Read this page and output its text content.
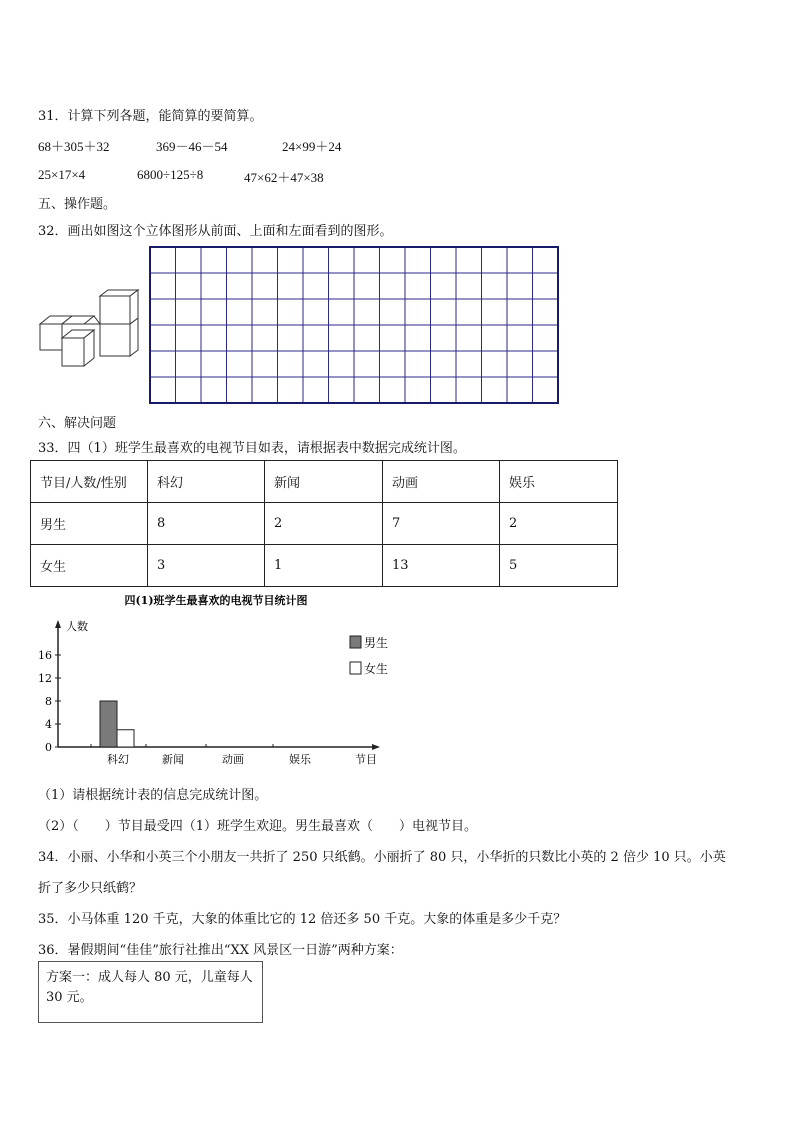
31．计算下列各题，能简算的要简算。
68＋305＋32	369－46－54	24×99＋24
25×17×4	6800÷125÷8	47×62＋47×38
五、操作题。
32．画出如图这个立体图形从前面、上面和左面看到的图形。
六、解决问题
33．四（1）班学生最喜欢的电视节目如表，请根据表中数据完成统计图。
节目/人数/性别	科幻	新闻	动画	娱乐
男生	8	2	7	2
女生	3	1	13	5
四(1)班学生最喜欢的电视节目统计图
人数
节目
0
4
8
12
16
科幻	新闻	动画	娱乐
男生
女生
（1）请根据统计表的信息完成统计图。
（2）（　　）节目最受四（1）班学生欢迎。男生最喜欢（　　）电视节目。
34．小丽、小华和小英三个小朋友一共折了 250 只纸鹤。小丽折了 80 只，小华折的只数比小英的 2 倍少 10 只。小英
折了多少只纸鹤？
35．小马体重 120 千克，大象的体重比它的 12 倍还多 50 千克。大象的体重是多少千克？
36．暑假期间“佳佳”旅行社推出“XX 风景区一日游”两种方案：
方案一：成人每人 80 元，儿童每人 30 元。
